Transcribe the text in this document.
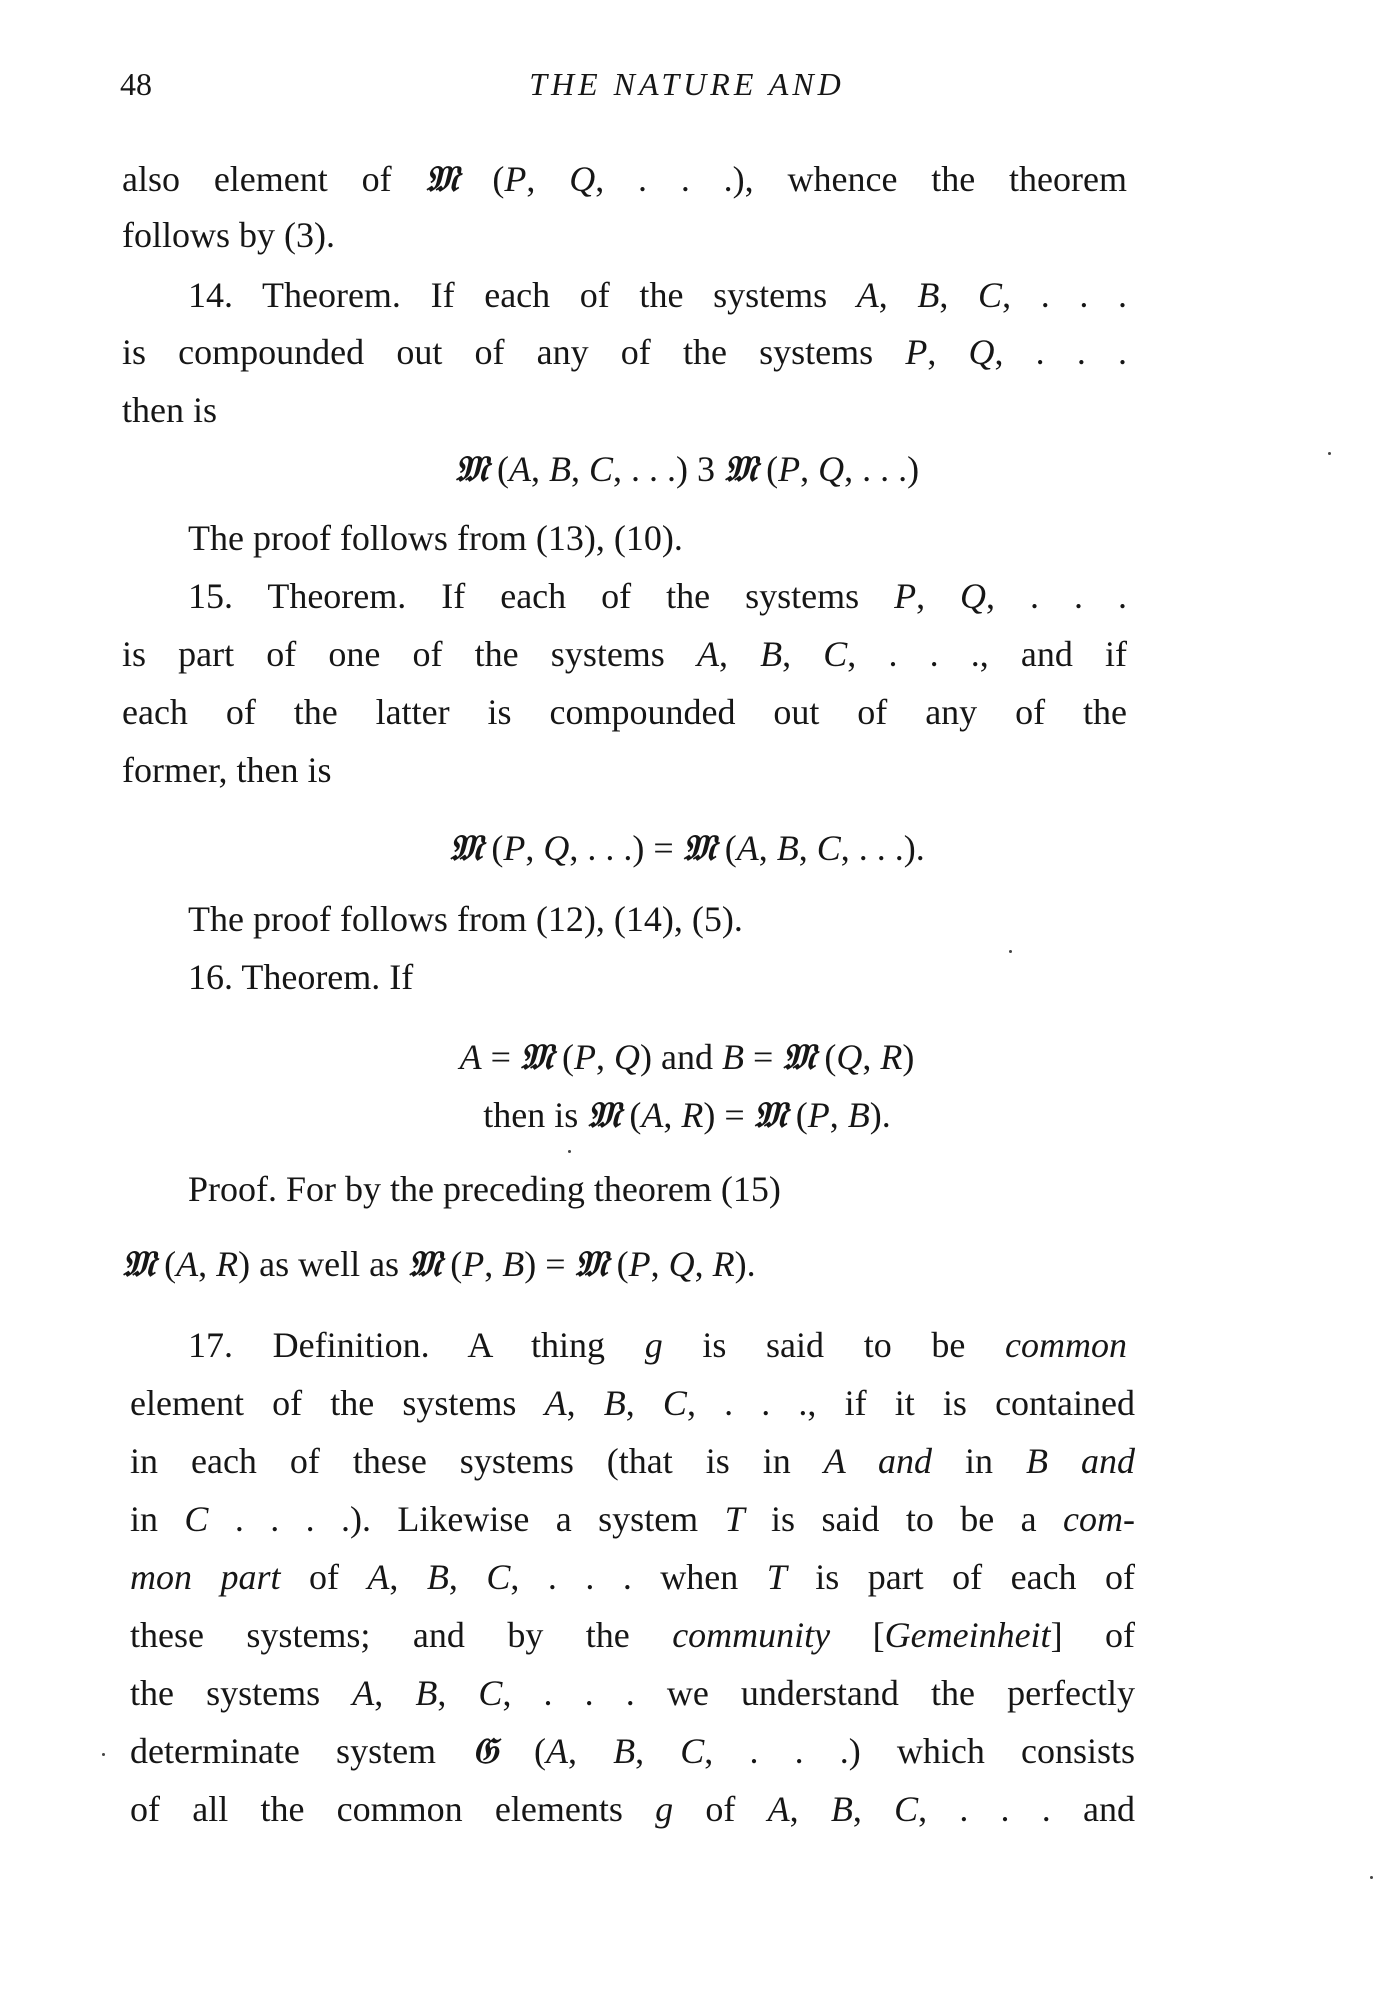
48	THE NATURE AND
also element of 𝔐 (P, Q, . . .), whence the theorem
follows by (3).
14. Theorem. If each of the systems A, B, C, . . .
is compounded out of any of the systems P, Q, . . .
then is
𝔐 (A, B, C, . . .) 3 𝔐 (P, Q, . . .)
The proof follows from (13), (10).
15. Theorem. If each of the systems P, Q, . . .
is part of one of the systems A, B, C, . . ., and if
each of the latter is compounded out of any of the
former, then is
𝔐 (P, Q, . . .) = 𝔐 (A, B, C, . . .).
The proof follows from (12), (14), (5).
16. Theorem. If
A = 𝔐 (P, Q) and B = 𝔐 (Q, R)
then is 𝔐 (A, R) = 𝔐 (P, B).
Proof. For by the preceding theorem (15)
𝔐 (A, R) as well as 𝔐 (P, B) = 𝔐 (P, Q, R).
17. Definition. A thing g is said to be common
element of the systems A, B, C, . . ., if it is contained
in each of these systems (that is in A and in B and
in C . . . .). Likewise a system T is said to be a com-
mon part of A, B, C, . . . when T is part of each of
these systems; and by the community [Gemeinheit] of
the systems A, B, C, . . . we understand the perfectly
determinate system 𝔊 (A, B, C, . . .) which consists
of all the common elements g of A, B, C, . . . and
